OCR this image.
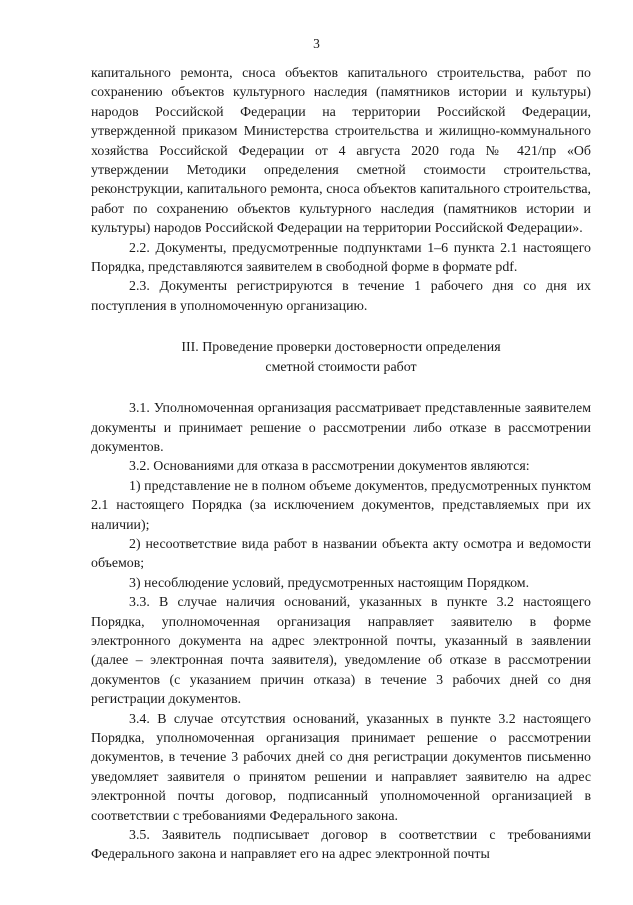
3

капитального ремонта, сноса объектов капитального строительства, работ по сохранению объектов культурного наследия (памятников истории и культуры) народов Российской Федерации на территории Российской Федерации, утвержденной приказом Министерства строительства и жилищно-коммунального хозяйства Российской Федерации от 4 августа 2020 года № 421/пр «Об утверждении Методики определения сметной стоимости строительства, реконструкции, капитального ремонта, сноса объектов капитального строительства, работ по сохранению объектов культурного наследия (памятников истории и культуры) народов Российской Федерации на территории Российской Федерации».

2.2. Документы, предусмотренные подпунктами 1–6 пункта 2.1 настоящего Порядка, представляются заявителем в свободной форме в формате pdf.

2.3. Документы регистрируются в течение 1 рабочего дня со дня их поступления в уполномоченную организацию.

III. Проведение проверки достоверности определения
сметной стоимости работ

3.1. Уполномоченная организация рассматривает представленные заявителем документы и принимает решение о рассмотрении либо отказе в рассмотрении документов.

3.2. Основаниями для отказа в рассмотрении документов являются:

1) представление не в полном объеме документов, предусмотренных пунктом 2.1 настоящего Порядка (за исключением документов, представляемых при их наличии);

2) несоответствие вида работ в названии объекта акту осмотра и ведомости объемов;

3) несоблюдение условий, предусмотренных настоящим Порядком.

3.3. В случае наличия оснований, указанных в пункте 3.2 настоящего Порядка, уполномоченная организация направляет заявителю в форме электронного документа на адрес электронной почты, указанный в заявлении (далее – электронная почта заявителя), уведомление об отказе в рассмотрении документов (с указанием причин отказа) в течение 3 рабочих дней со дня регистрации документов.

3.4. В случае отсутствия оснований, указанных в пункте 3.2 настоящего Порядка, уполномоченная организация принимает решение о рассмотрении документов, в течение 3 рабочих дней со дня регистрации документов письменно уведомляет заявителя о принятом решении и направляет заявителю на адрес электронной почты договор, подписанный уполномоченной организацией в соответствии с требованиями Федерального закона.

3.5. Заявитель подписывает договор в соответствии с требованиями Федерального закона и направляет его на адрес электронной почты
